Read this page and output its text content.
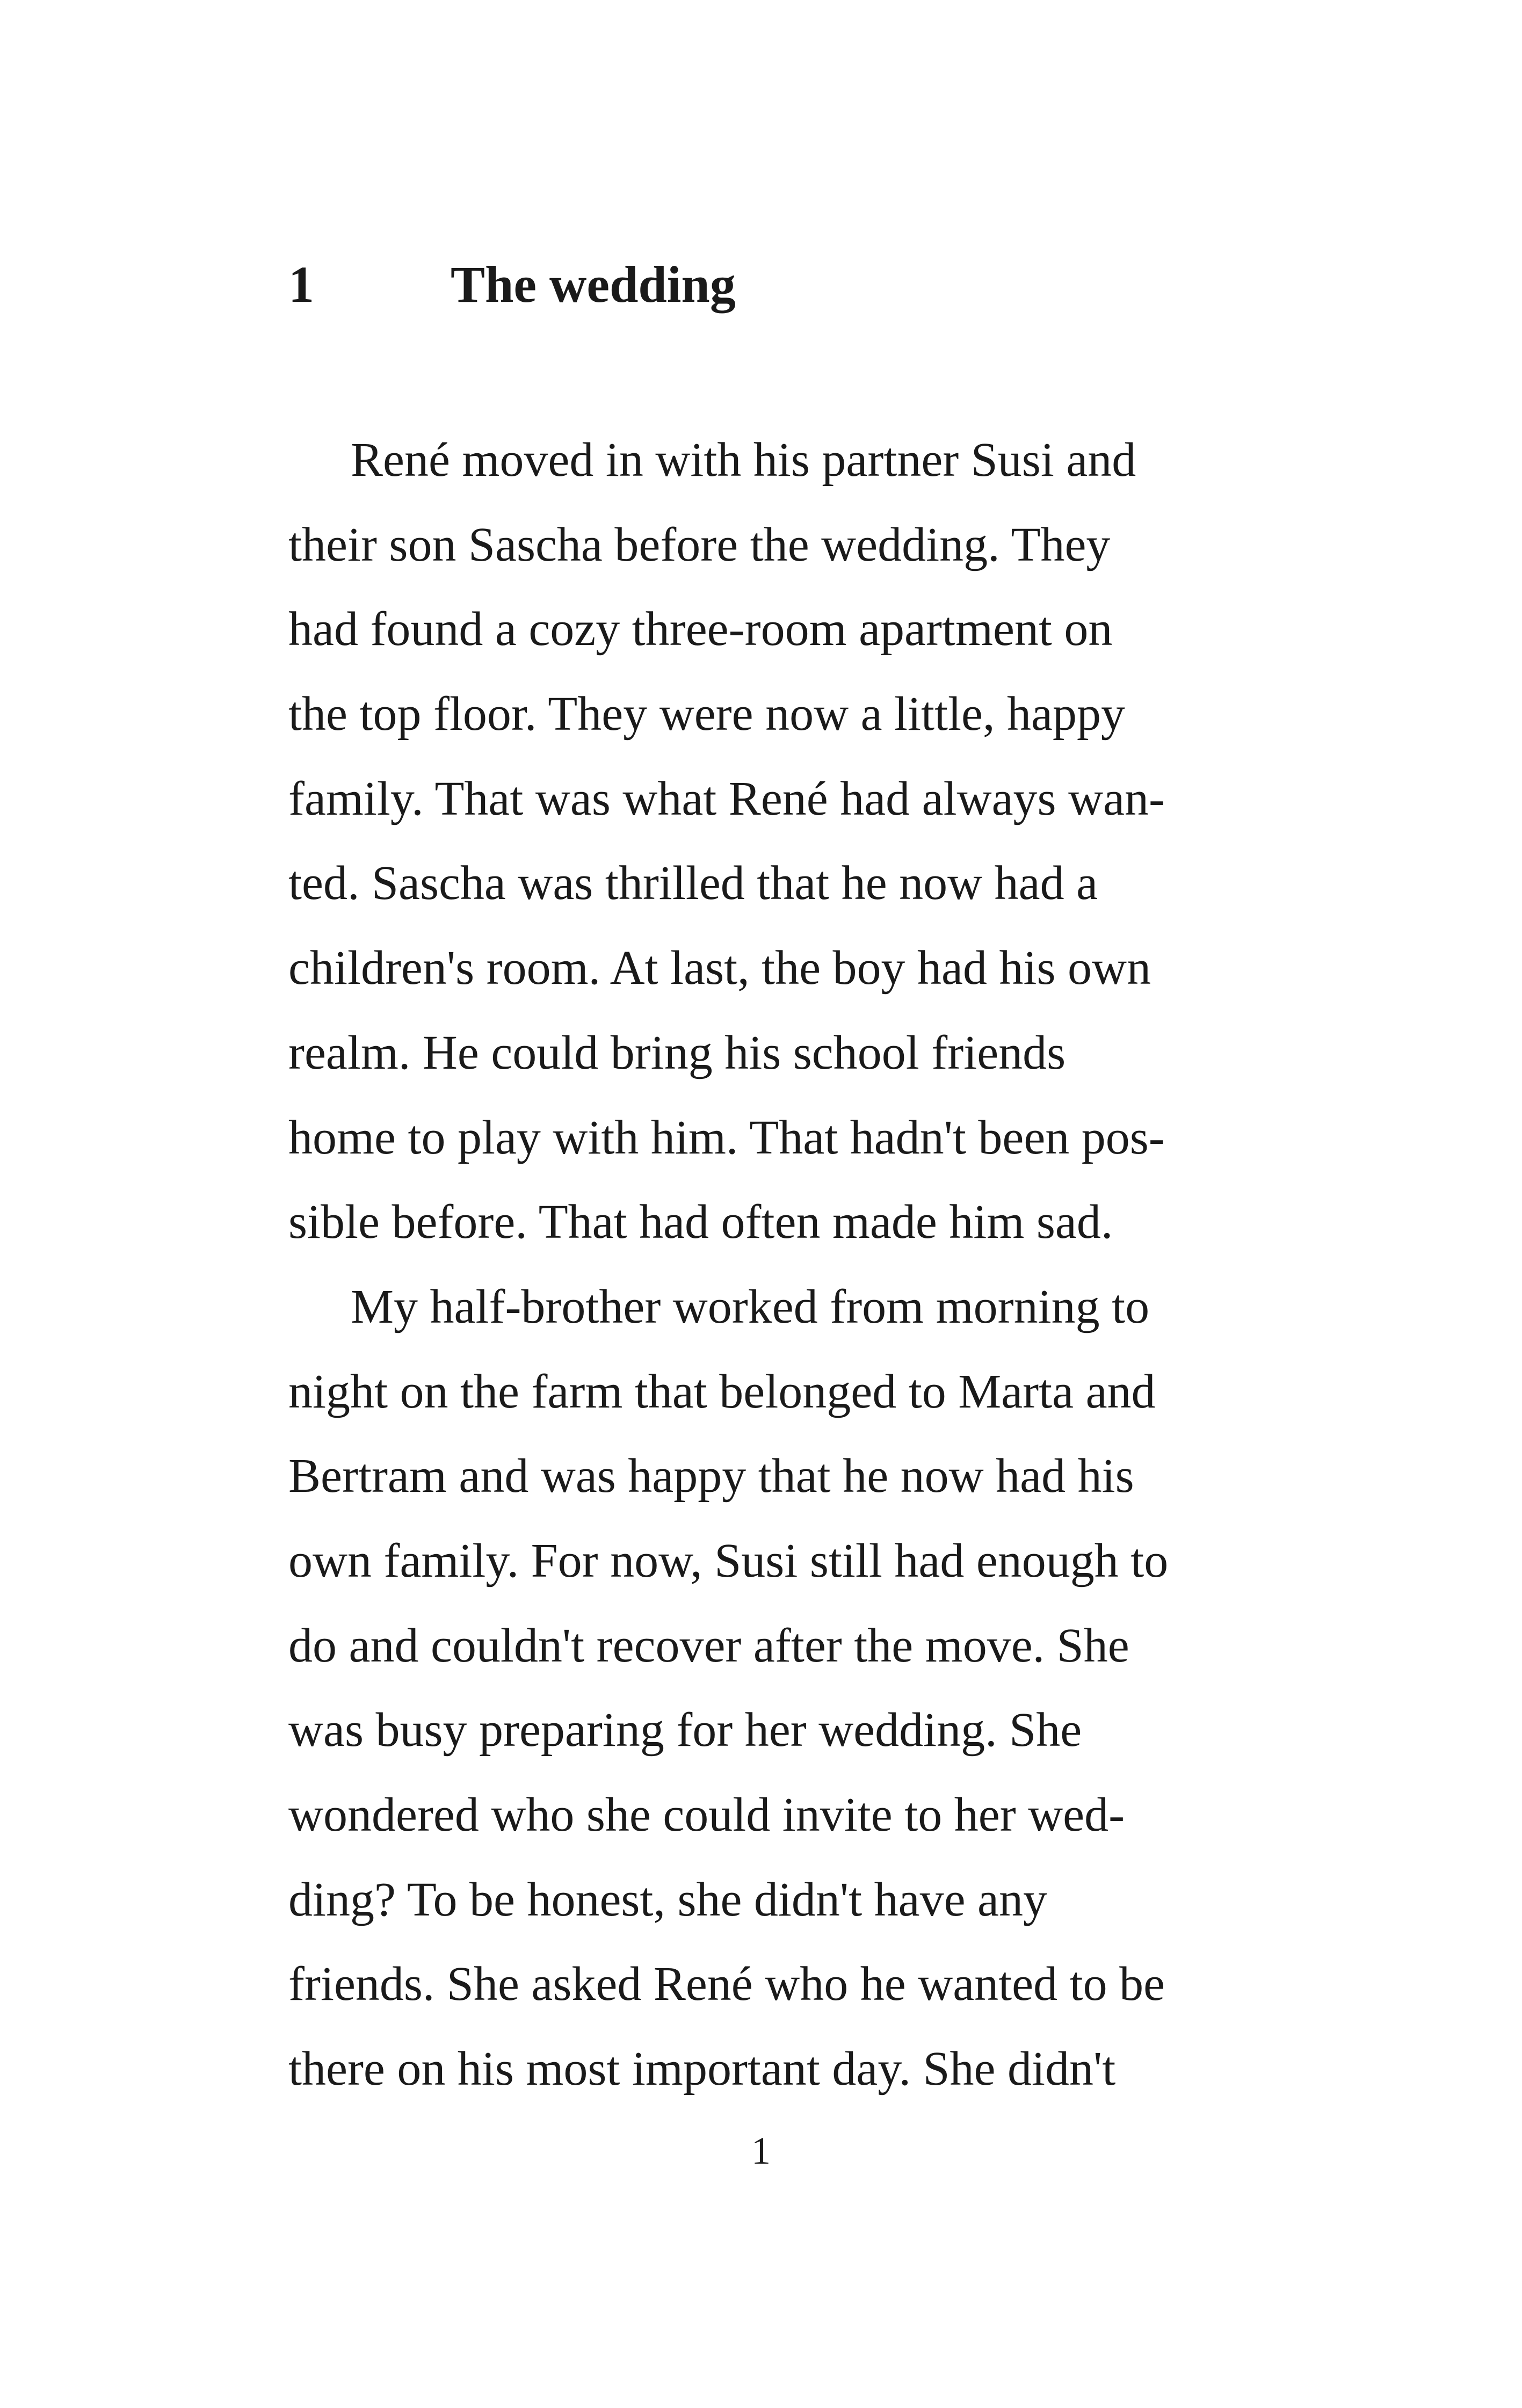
1	The wedding
René moved in with his partner Susi and
their son Sascha before the wedding. They
had found a cozy three-room apartment on
the top floor. They were now a little, happy
family. That was what René had always wan-
ted. Sascha was thrilled that he now had a
children's room. At last, the boy had his own
realm. He could bring his school friends
home to play with him. That hadn't been pos-
sible before. That had often made him sad.
My half-brother worked from morning to
night on the farm that belonged to Marta and
Bertram and was happy that he now had his
own family. For now, Susi still had enough to
do and couldn't recover after the move. She
was busy preparing for her wedding. She
wondered who she could invite to her wed-
ding? To be honest, she didn't have any
friends. She asked René who he wanted to be
there on his most important day. She didn't
1
